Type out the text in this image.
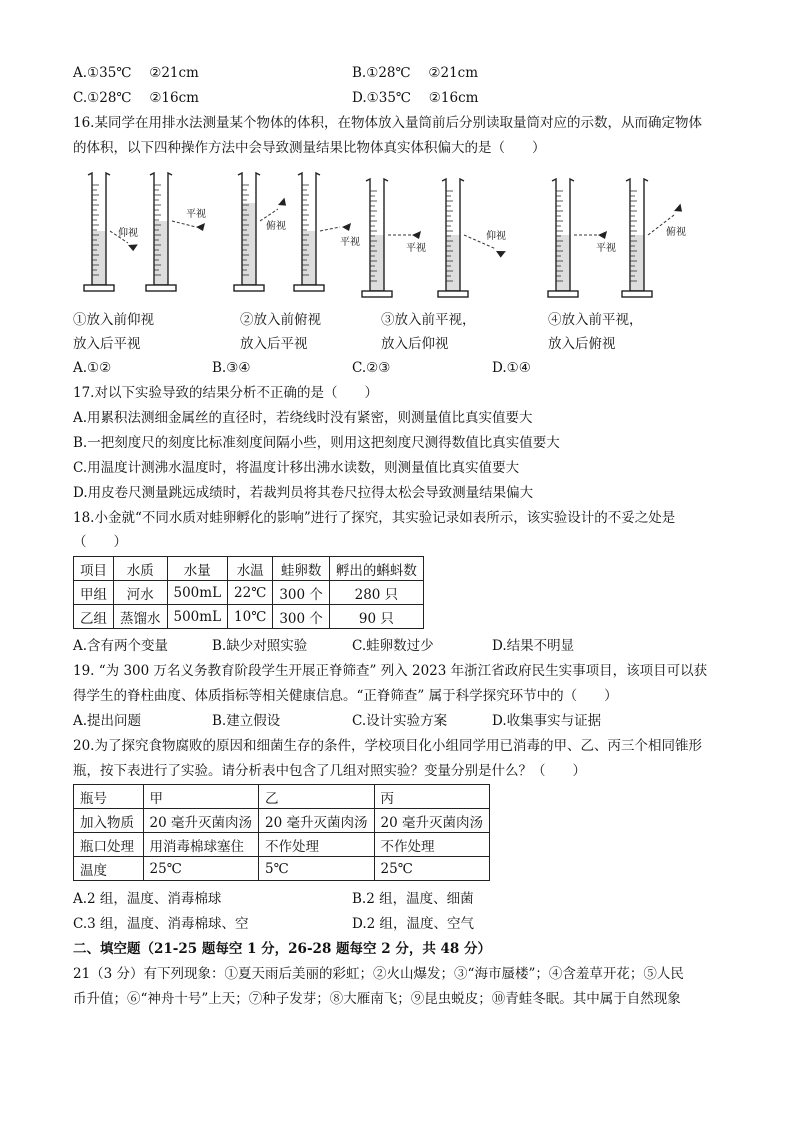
A.①35℃　 ②21cm	B.①28℃　 ②21cm
C.①28℃　 ②16cm	D.①35℃　 ②16cm
16.某同学在用排水法测量某个物体的体积，在物体放入量筒前后分别读取量筒对应的示数，从而确定物体
的体积，以下四种操作方法中会导致测量结果比物体真实体积偏大的是（　　）
仰视
平视
俯视
平视
平视
仰视
平视
俯视
①放入前仰视
放入后平视
②放入前俯视
放入后平视
③放入前平视，
放入后仰视
④放入前平视，
放入后俯视
A.①②	B.③④	C.②③	D.①④
17.对以下实验导致的结果分析不正确的是（　　）
A.用累积法测细金属丝的直径时，若绕线时没有紧密，则测量值比真实值要大
B.一把刻度尺的刻度比标准刻度间隔小些，则用这把刻度尺测得数值比真实值要大
C.用温度计测沸水温度时，将温度计移出沸水读数，则测量值比真实值要大
D.用皮卷尺测量跳远成绩时，若裁判员将其卷尺拉得太松会导致测量结果偏大
18.小金就“不同水质对蛙卵孵化的影响”进行了探究，其实验记录如表所示，该实验设计的不妥之处是
（　　）
项目	水质	水量	水温	蛙卵数	孵出的蝌蚪数
甲组	河水	500mL	22℃	300 个	280 只
乙组	蒸馏水	500mL	10℃	300 个	90 只
A.含有两个变量	B.缺少对照实验	C.蛙卵数过少	D.结果不明显
19. “为 300 万名义务教育阶段学生开展正脊筛查” 列入 2023 年浙江省政府民生实事项目，该项目可以获
得学生的脊柱曲度、体质指标等相关健康信息。“正脊筛查” 属于科学探究环节中的（　　）
A.提出问题	B.建立假设	C.设计实验方案	D.收集事实与证据
20.为了探究食物腐败的原因和细菌生存的条件，学校项目化小组同学用已消毒的甲、乙、丙三个相同锥形
瓶，按下表进行了实验。请分析表中包含了几组对照实验？变量分别是什么？（　　）
瓶号	甲	乙	丙
加入物质	20 毫升灭菌肉汤	20 毫升灭菌肉汤	20 毫升灭菌肉汤
瓶口处理	用消毒棉球塞住	不作处理	不作处理
温度	25℃	5℃	25℃
A.2 组，温度、消毒棉球	B.2 组，温度、细菌
C.3 组，温度、消毒棉球、空	D.2 组，温度、空气
二、填空题（21-25 题每空 1 分，26-28 题每空 2 分，共 48 分）
21（3 分）有下列现象：①夏天雨后美丽的彩虹；②火山爆发；③“海市蜃楼”；④含羞草开花；⑤人民
币升值；⑥“神舟十号”上天；⑦种子发芽；⑧大雁南飞；⑨昆虫蜕皮；⑩青蛙冬眠。其中属于自然现象
